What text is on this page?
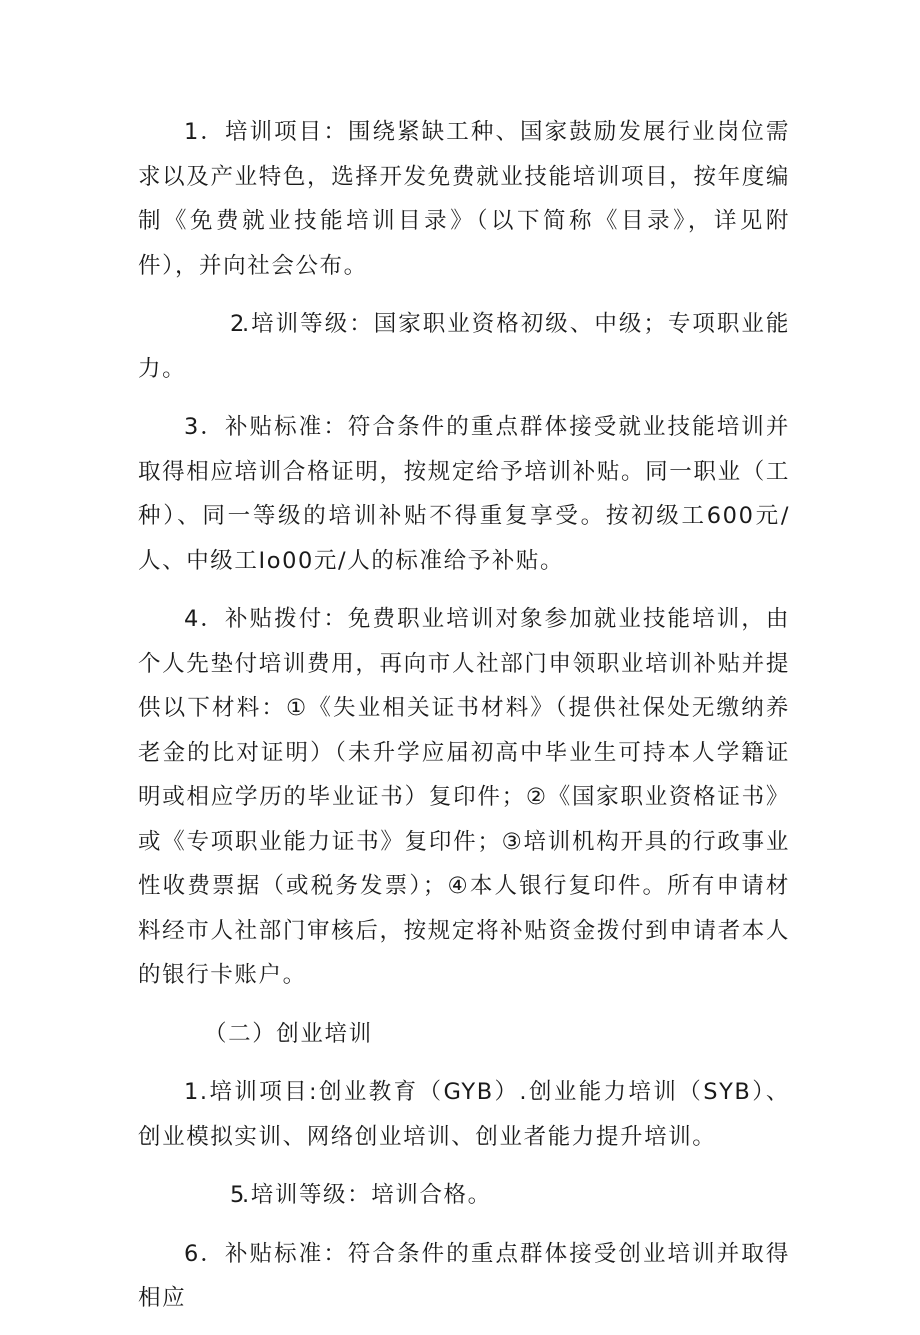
1．培训项目：围绕紧缺工种、国家鼓励发展行业岗位需求以及产业特色，选择开发免费就业技能培训项目，按年度编制《免费就业技能培训目录》（以下简称《目录》，详见附件），并向社会公布。

2.培训等级：国家职业资格初级、中级；专项职业能力。

3．补贴标准：符合条件的重点群体接受就业技能培训并取得相应培训合格证明，按规定给予培训补贴。同一职业（工种）、同一等级的培训补贴不得重复享受。按初级工600元/人、中级工Io00元/人的标准给予补贴。

4．补贴拨付：免费职业培训对象参加就业技能培训，由个人先垫付培训费用，再向市人社部门申领职业培训补贴并提供以下材料：①《失业相关证书材料》（提供社保处无缴纳养老金的比对证明）（未升学应届初高中毕业生可持本人学籍证明或相应学历的毕业证书）复印件；②《国家职业资格证书》或《专项职业能力证书》复印件；③培训机构开具的行政事业性收费票据（或税务发票）；④本人银行复印件。所有申请材料经市人社部门审核后，按规定将补贴资金拨付到申请者本人的银行卡账户。

（二）创业培训

1.培训项目:创业教育（GYB）.创业能力培训（SYB）、创业模拟实训、网络创业培训、创业者能力提升培训。

5.培训等级：培训合格。

6．补贴标准：符合条件的重点群体接受创业培训并取得相应
